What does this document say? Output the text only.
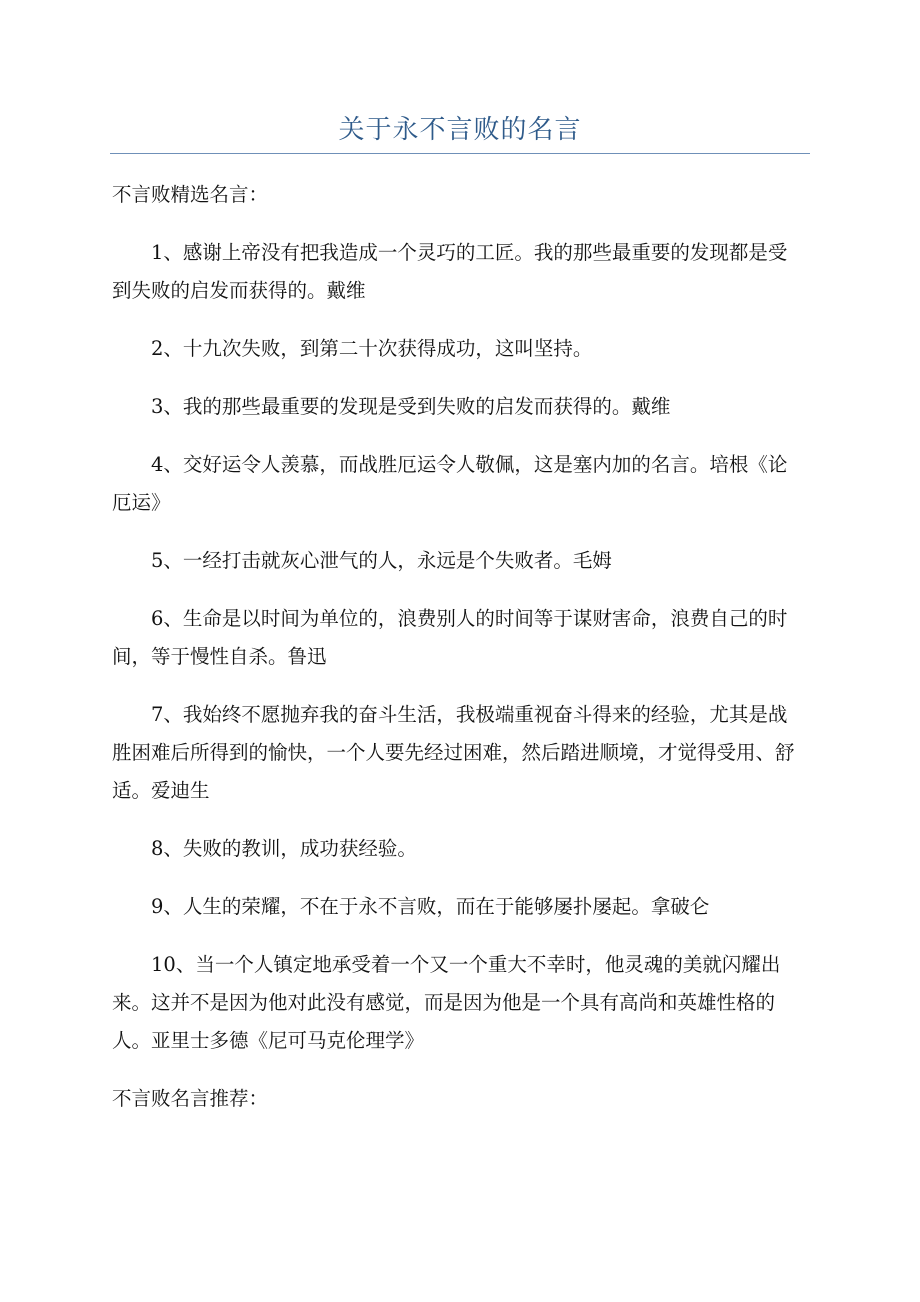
关于永不言败的名言

不言败精选名言：

1、感谢上帝没有把我造成一个灵巧的工匠。我的那些最重要的发现都是受到失败的启发而获得的。戴维

2、十九次失败，到第二十次获得成功，这叫坚持。

3、我的那些最重要的发现是受到失败的启发而获得的。戴维

4、交好运令人羡慕，而战胜厄运令人敬佩，这是塞内加的名言。培根《论厄运》

5、一经打击就灰心泄气的人，永远是个失败者。毛姆

6、生命是以时间为单位的，浪费别人的时间等于谋财害命，浪费自己的时间，等于慢性自杀。鲁迅

7、我始终不愿抛弃我的奋斗生活，我极端重视奋斗得来的经验，尤其是战胜困难后所得到的愉快，一个人要先经过困难，然后踏进顺境，才觉得受用、舒适。爱迪生

8、失败的教训，成功获经验。

9、人生的荣耀，不在于永不言败，而在于能够屡扑屡起。拿破仑

10、当一个人镇定地承受着一个又一个重大不幸时，他灵魂的美就闪耀出来。这并不是因为他对此没有感觉，而是因为他是一个具有高尚和英雄性格的人。亚里士多德《尼可马克伦理学》

不言败名言推荐：
